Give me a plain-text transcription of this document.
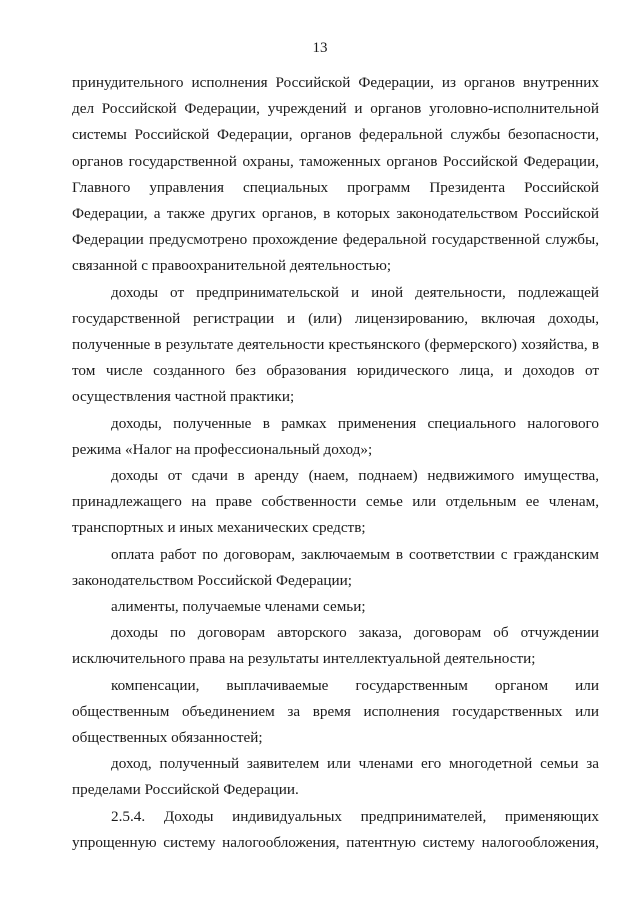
13

принудительного исполнения Российской Федерации, из органов внутренних дел Российской Федерации, учреждений и органов уголовно-исполнительной системы Российской Федерации, органов федеральной службы безопасности, органов государственной охраны, таможенных органов Российской Федерации, Главного управления специальных программ Президента Российской Федерации, а также других органов, в которых законодательством Российской Федерации предусмотрено прохождение федеральной государственной службы, связанной с правоохранительной деятельностью;

доходы от предпринимательской и иной деятельности, подлежащей государственной регистрации и (или) лицензированию, включая доходы, полученные в результате деятельности крестьянского (фермерского) хозяйства, в том числе созданного без образования юридического лица, и доходов от осуществления частной практики;

доходы, полученные в рамках применения специального налогового режима «Налог на профессиональный доход»;

доходы от сдачи в аренду (наем, поднаем) недвижимого имущества, принадлежащего на праве собственности семье или отдельным ее членам, транспортных и иных механических средств;

оплата работ по договорам, заключаемым в соответствии с гражданским законодательством Российской Федерации;

алименты, получаемые членами семьи;

доходы по договорам авторского заказа, договорам об отчуждении исключительного права на результаты интеллектуальной деятельности;

компенсации, выплачиваемые государственным органом или общественным объединением за время исполнения государственных или общественных обязанностей;

доход, полученный заявителем или членами его многодетной семьи за пределами Российской Федерации.

2.5.4. Доходы индивидуальных предпринимателей, применяющих упрощенную систему налогообложения, патентную систему налогообложения,
